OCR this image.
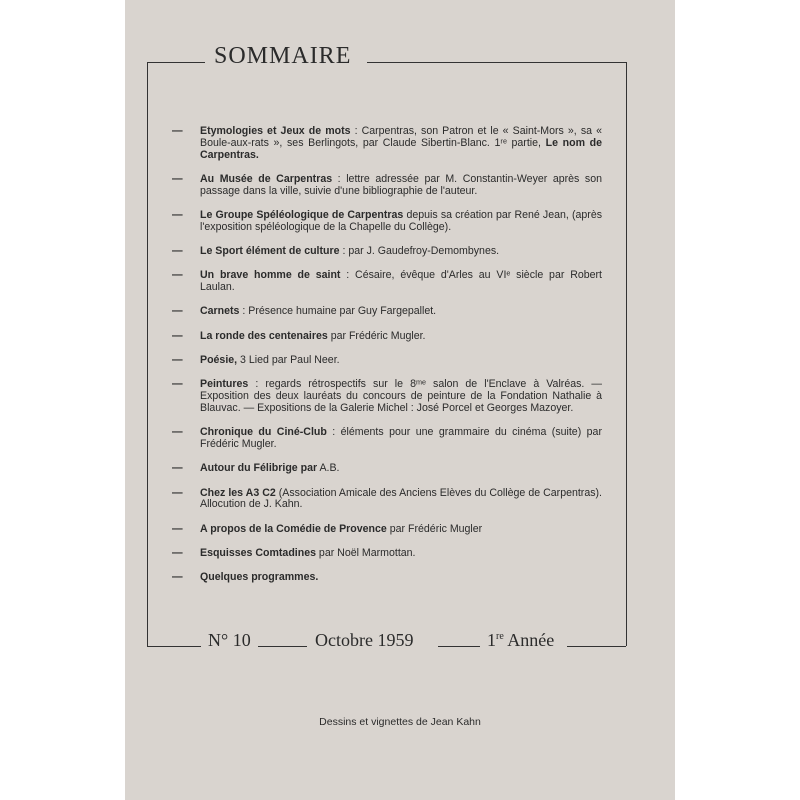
SOMMAIRE
— Etymologies et Jeux de mots : Carpentras, son Patron et le « Saint-Mors », sa « Boule-aux-rats », ses Berlingots, par Claude Sibertin-Blanc. 1ʳᵉ partie, Le nom de Carpentras.
— Au Musée de Carpentras : lettre adressée par M. Constantin-Weyer après son passage dans la ville, suivie d'une bibliographie de l'auteur.
— Le Groupe Spéléologique de Carpentras depuis sa création par René Jean, (après l'exposition spéléologique de la Chapelle du Collège).
— Le Sport élément de culture : par J. Gaudefroy-Demombynes.
— Un brave homme de saint : Césaire, évêque d'Arles au VIᵉ siècle par Robert Laulan.
— Carnets : Présence humaine par Guy Fargepallet.
— La ronde des centenaires par Frédéric Mugler.
— Poésie, 3 Lied par Paul Neer.
— Peintures : regards rétrospectifs sur le 8ᵐᵉ salon de l'Enclave à Valréas. — Exposition des deux lauréats du concours de peinture de la Fondation Nathalie à Blauvac. — Expositions de la Galerie Michel : José Porcel et Georges Mazoyer.
— Chronique du Ciné-Club : éléments pour une grammaire du cinéma (suite) par Frédéric Mugler.
— Autour du Félibrige par A.B.
— Chez les A3 C2 (Association Amicale des Anciens Elèves du Collège de Carpentras). Allocution de J. Kahn.
— A propos de la Comédie de Provence par Frédéric Mugler
— Esquisses Comtadines par Noël Marmottan.
— Quelques programmes.
N° 10	Octobre 1959	1re Année
Dessins et vignettes de Jean Kahn
